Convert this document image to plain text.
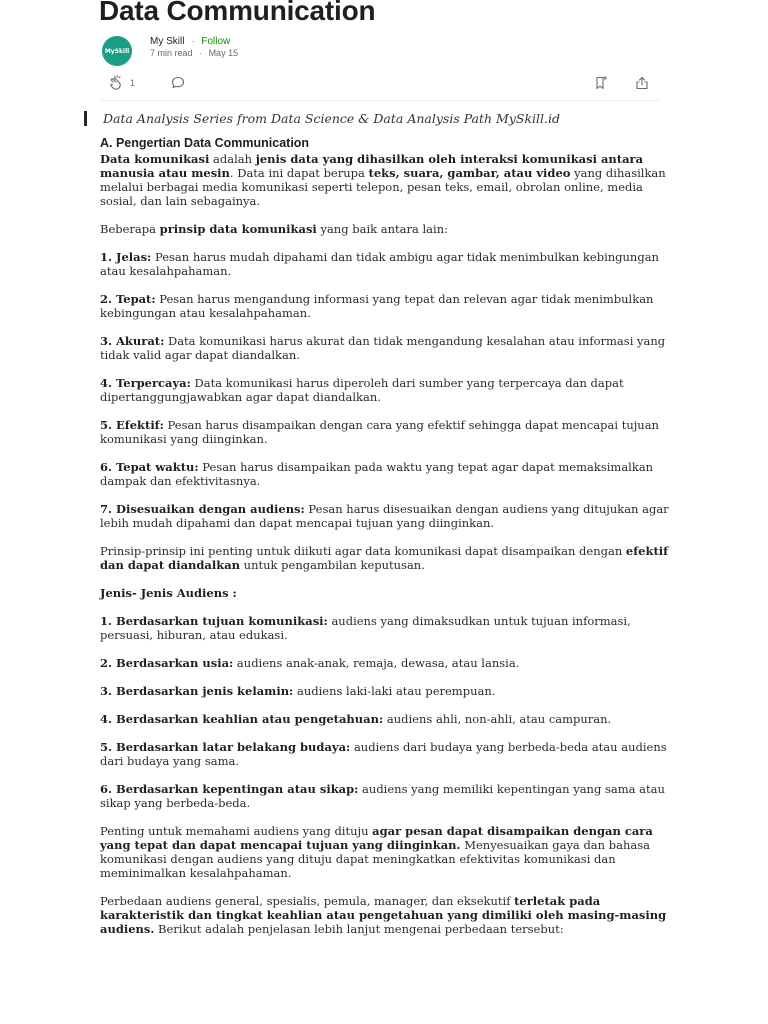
Data Communication
MySkill
My Skill · Follow
7 min read · May 15
1
Data Analysis Series from Data Science & Data Analysis Path MySkill.id
A. Pengertian Data Communication

Data komunikasi adalah jenis data yang dihasilkan oleh interaksi komunikasi antara manusia atau mesin. Data ini dapat berupa teks, suara, gambar, atau video yang dihasilkan melalui berbagai media komunikasi seperti telepon, pesan teks, email, obrolan online, media sosial, dan lain sebagainya.

Beberapa prinsip data komunikasi yang baik antara lain:

1. Jelas: Pesan harus mudah dipahami dan tidak ambigu agar tidak menimbulkan kebingungan atau kesalahpahaman.

2. Tepat: Pesan harus mengandung informasi yang tepat dan relevan agar tidak menimbulkan kebingungan atau kesalahpahaman.

3. Akurat: Data komunikasi harus akurat dan tidak mengandung kesalahan atau informasi yang tidak valid agar dapat diandalkan.

4. Terpercaya: Data komunikasi harus diperoleh dari sumber yang terpercaya dan dapat dipertanggungjawabkan agar dapat diandalkan.

5. Efektif: Pesan harus disampaikan dengan cara yang efektif sehingga dapat mencapai tujuan komunikasi yang diinginkan.

6. Tepat waktu: Pesan harus disampaikan pada waktu yang tepat agar dapat memaksimalkan dampak dan efektivitasnya.

7. Disesuaikan dengan audiens: Pesan harus disesuaikan dengan audiens yang ditujukan agar lebih mudah dipahami dan dapat mencapai tujuan yang diinginkan.

Prinsip-prinsip ini penting untuk diikuti agar data komunikasi dapat disampaikan dengan efektif dan dapat diandalkan untuk pengambilan keputusan.

Jenis- Jenis Audiens :

1. Berdasarkan tujuan komunikasi: audiens yang dimaksudkan untuk tujuan informasi, persuasi, hiburan, atau edukasi.

2. Berdasarkan usia: audiens anak-anak, remaja, dewasa, atau lansia.

3. Berdasarkan jenis kelamin: audiens laki-laki atau perempuan.

4. Berdasarkan keahlian atau pengetahuan: audiens ahli, non-ahli, atau campuran.

5. Berdasarkan latar belakang budaya: audiens dari budaya yang berbeda-beda atau audiens dari budaya yang sama.

6. Berdasarkan kepentingan atau sikap: audiens yang memiliki kepentingan yang sama atau sikap yang berbeda-beda.

Penting untuk memahami audiens yang dituju agar pesan dapat disampaikan dengan cara yang tepat dan dapat mencapai tujuan yang diinginkan. Menyesuaikan gaya dan bahasa komunikasi dengan audiens yang dituju dapat meningkatkan efektivitas komunikasi dan meminimalkan kesalahpahaman.

Perbedaan audiens general, spesialis, pemula, manager, dan eksekutif terletak pada karakteristik dan tingkat keahlian atau pengetahuan yang dimiliki oleh masing-masing audiens. Berikut adalah penjelasan lebih lanjut mengenai perbedaan tersebut:
